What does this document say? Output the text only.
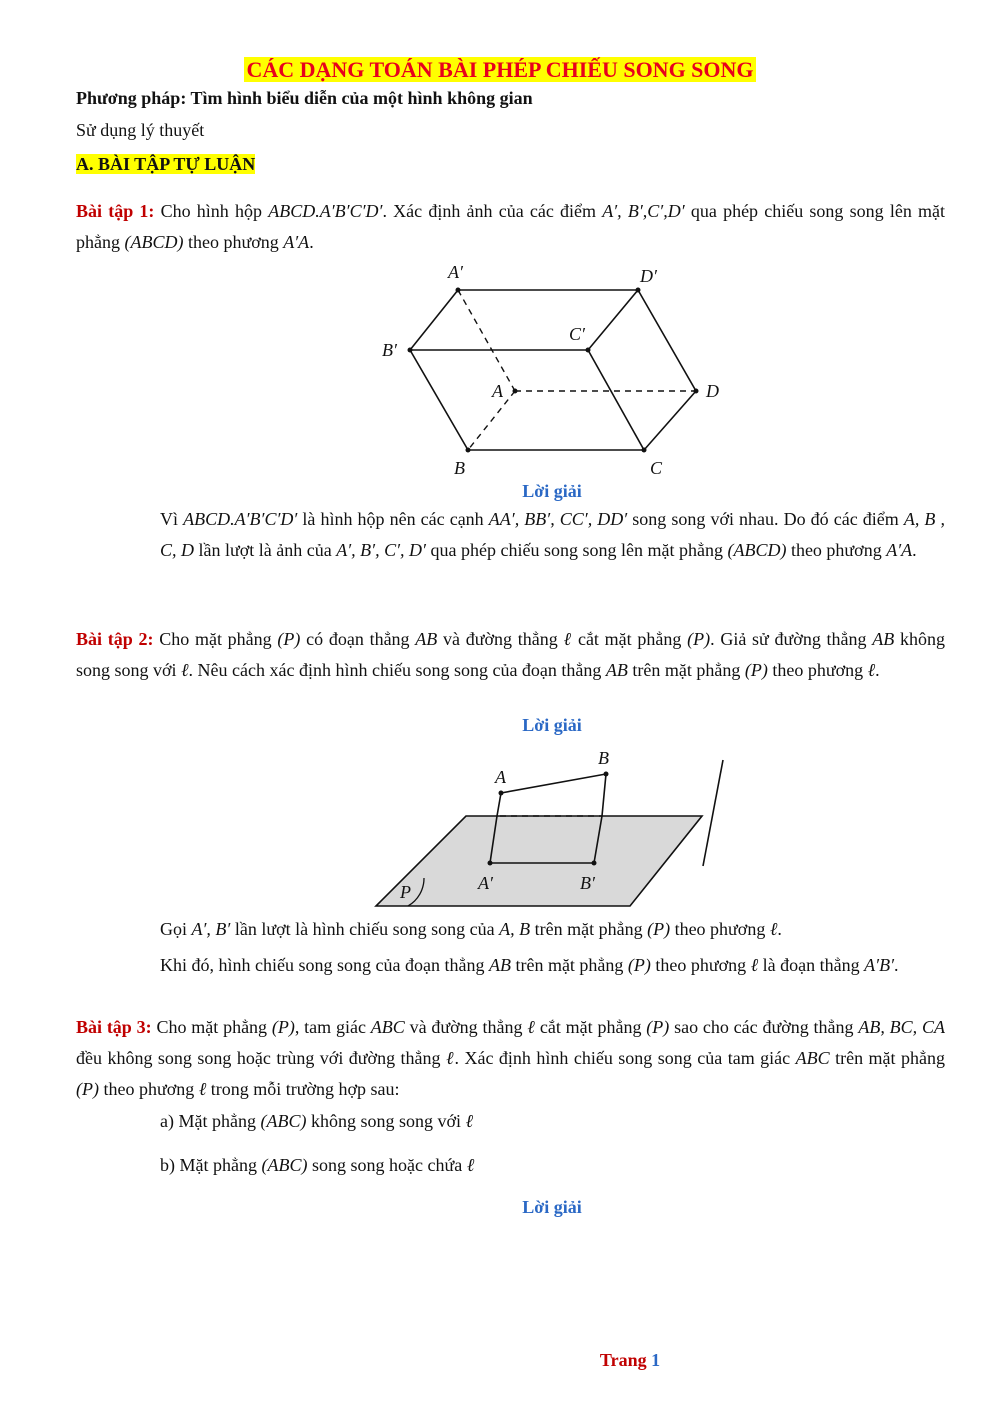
CÁC DẠNG TOÁN BÀI PHÉP CHIẾU SONG SONG
Phương pháp: Tìm hình biểu diễn của một hình không gian
Sử dụng lý thuyết
A. BÀI TẬP TỰ LUẬN
Bài tập 1: Cho hình hộp ABCD.A′B′C′D′. Xác định ảnh của các điểm A′, B′,C′,D′ qua phép chiếu song song lên mặt phẳng (ABCD) theo phương A′A.
A′	D′
B′
C′
A	D
B	C
Lời giải
Vì ABCD.A′B′C′D′ là hình hộp nên các cạnh AA′, BB′, CC′, DD′ song song với nhau. Do đó các điểm A, B , C, D lần lượt là ảnh của A′, B′, C′, D′ qua phép chiếu song song lên mặt phẳng (ABCD) theo phương A′A.
Bài tập 2: Cho mặt phẳng (P) có đoạn thẳng AB và đường thẳng ℓ cắt mặt phẳng (P). Giả sử đường thẳng AB không song song với ℓ. Nêu cách xác định hình chiếu song song của đoạn thẳng AB trên mặt phẳng (P) theo phương ℓ.
Lời giải
A
B
A′	B′
P
Gọi A′, B′ lần lượt là hình chiếu song song của A, B trên mặt phẳng (P) theo phương ℓ.
Khi đó, hình chiếu song song của đoạn thẳng AB trên mặt phẳng (P) theo phương ℓ là đoạn thẳng A′B′.
Bài tập 3: Cho mặt phẳng (P), tam giác ABC và đường thẳng ℓ cắt mặt phẳng (P) sao cho các đường thẳng AB, BC, CA đều không song song hoặc trùng với đường thẳng ℓ. Xác định hình chiếu song song của tam giác ABC trên mặt phẳng (P) theo phương ℓ trong mỗi trường hợp sau:
a) Mặt phẳng (ABC) không song song với ℓ
b) Mặt phẳng (ABC) song song hoặc chứa ℓ
Lời giải
Trang 1
